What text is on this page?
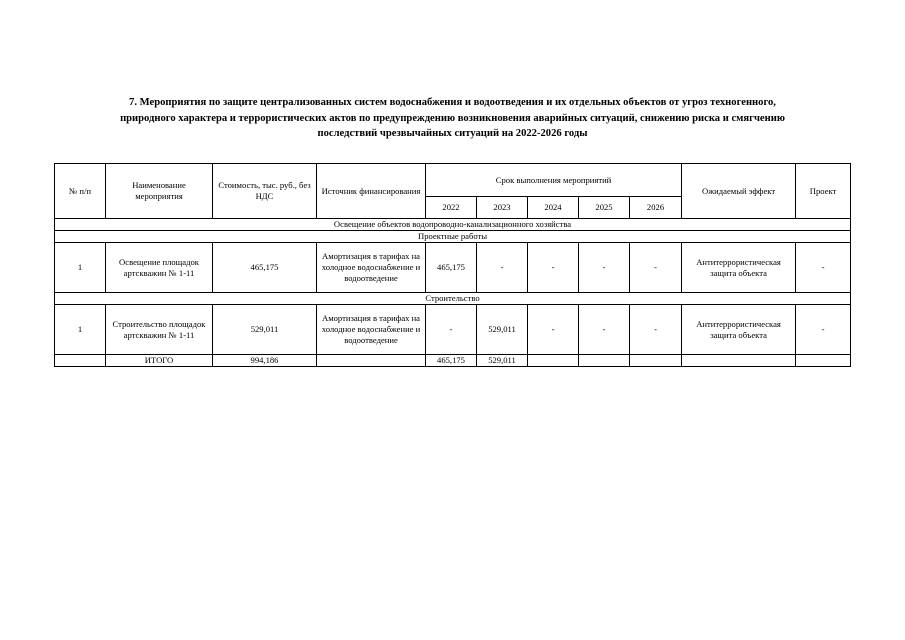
7. Мероприятия по защите централизованных систем водоснабжения и водоотведения и их отдельных объектов от угроз техногенного,
природного характера и террористических актов по предупреждению возникновения аварийных ситуаций, снижению риска и смягчению
последствий чрезвычайных ситуаций на 2022-2026 годы
№ п/п	Наименование мероприятия	Стоимость, тыс. руб., без НДС	Источник финансирования	Срок выполнения мероприятий					Ожидаемый эффект	Проект
				2022	2023	2024	2025	2026		
Освещение объектов водопроводно-канализационного хозяйства										
Проектные работы										
1	Освещение площадок артскважин № 1-11	465,175	Амортизация в тарифах на холодное водоснабжение и водоотведение	465,175	-	-	-	-	Антитеррористическая защита объекта	-
Строительство										
1	Строительство площадок артскважин № 1-11	529,011	Амортизация в тарифах на холодное водоснабжение и водоотведение	-	529,011	-	-	-	Антитеррористическая защита объекта	-
	ИТОГО	994,186		465,175	529,011					
